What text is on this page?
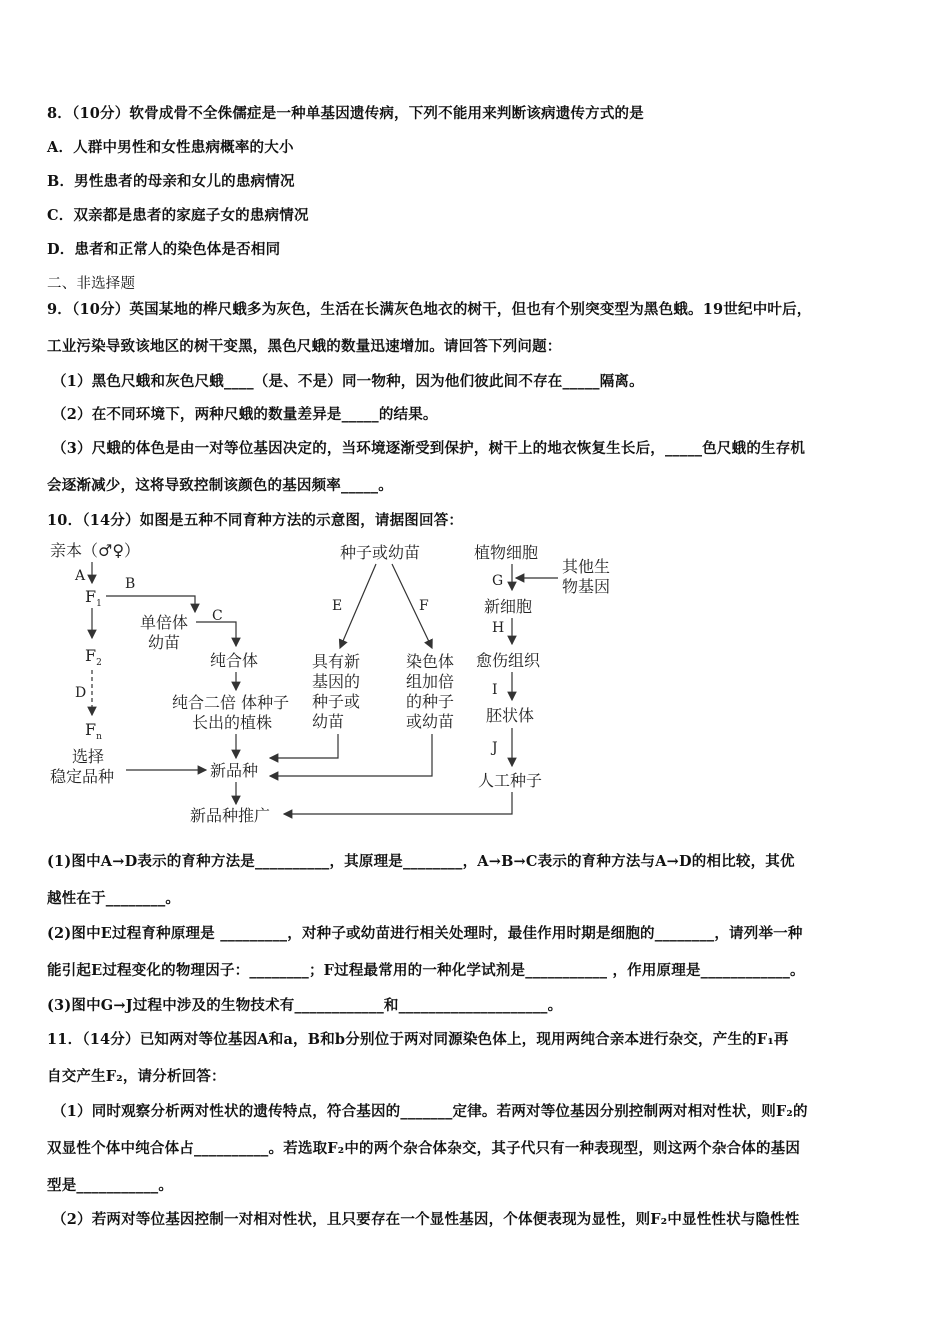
8．（10分）软骨成骨不全侏儒症是一种单基因遗传病，下列不能用来判断该病遗传方式的是
A．人群中男性和女性患病概率的大小
B．男性患者的母亲和女儿的患病情况
C．双亲都是患者的家庭子女的患病情况
D．患者和正常人的染色体是否相同
二、非选择题
9．（10分）英国某地的桦尺蛾多为灰色，生活在长满灰色地衣的树干，但也有个别突变型为黑色蛾。19世纪中叶后，
工业污染导致该地区的树干变黑，黑色尺蛾的数量迅速增加。请回答下列问题：
（1）黑色尺蛾和灰色尺蛾____（是、不是）同一物种，因为他们彼此间不存在_____隔离。
（2）在不同环境下，两种尺蛾的数量差异是_____的结果。
（3）尺蛾的体色是由一对等位基因决定的，当环境逐渐受到保护，树干上的地衣恢复生长后，_____色尺蛾的生存机
会逐渐减少，这将导致控制该颜色的基因频率_____。
10．（14分）如图是五种不同育种方法的示意图，请据图回答：
亲本（♂♀）
A
$F_1$
B
$F_2$
D
$F_n$
选择
稳定品种
单倍体
幼苗
C
纯合体
纯合二倍 体种子
长出的植株
新品种
新品种推广
种子或幼苗
E	F
具有新
基因的
种子或
幼苗
染色体
组加倍
的种子
或幼苗
植物细胞
其他生
物基因
G
新细胞
H
愈伤组织
I
胚状体
J
人工种子
(1)图中A→D表示的育种方法是__________，其原理是________，A→B→C表示的育种方法与A→D的相比较，其优
越性在于________。
(2)图中E过程育种原理是 _________，对种子或幼苗进行相关处理时，最佳作用时期是细胞的________，请列举一种
能引起E过程变化的物理因子：________；F过程最常用的一种化学试剂是___________ ，作用原理是____________。
(3)图中G→J过程中涉及的生物技术有____________和____________________。
11．（14分）已知两对等位基因A和a，B和b分别位于两对同源染色体上，现用两纯合亲本进行杂交，产生的F₁再
自交产生F₂，请分析回答：
（1）同时观察分析两对性状的遗传特点，符合基因的_______定律。若两对等位基因分别控制两对相对性状，则F₂的
双显性个体中纯合体占__________。若选取F₂中的两个杂合体杂交，其子代只有一种表现型，则这两个杂合体的基因
型是___________。
（2）若两对等位基因控制一对相对性状，且只要存在一个显性基因，个体便表现为显性，则F₂中显性性状与隐性性
